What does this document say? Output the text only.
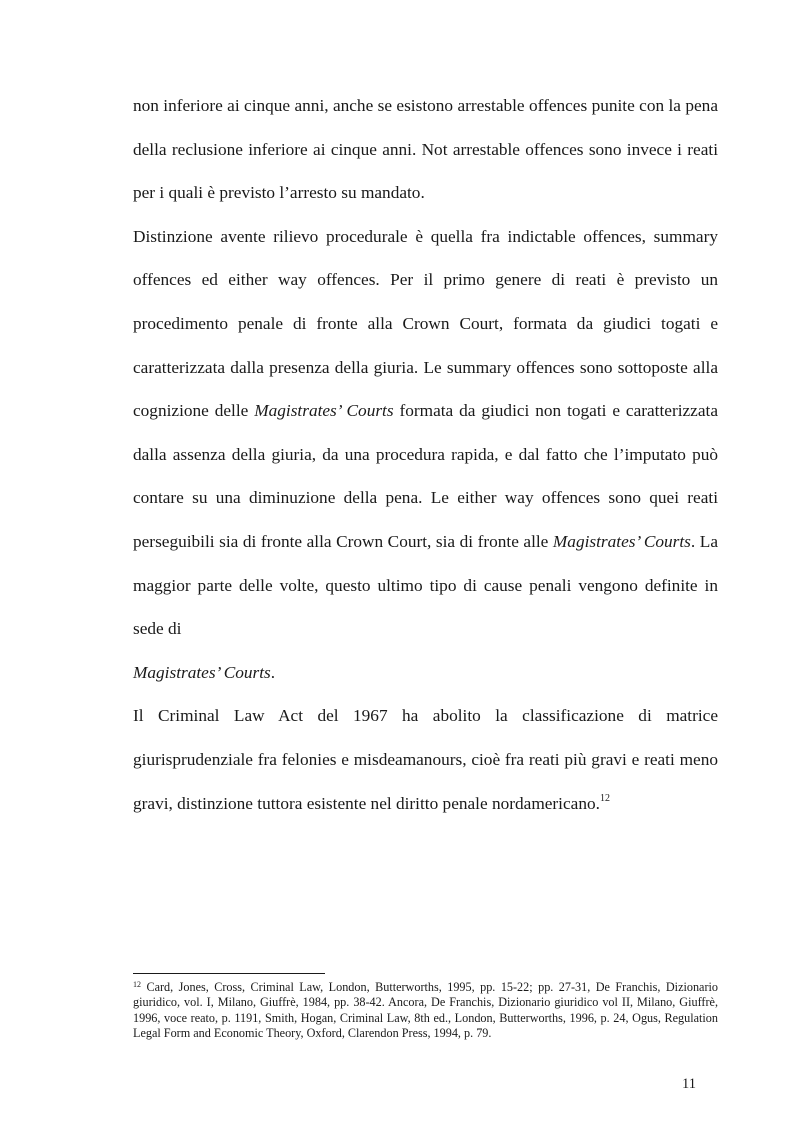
non inferiore ai cinque anni, anche se esistono arrestable offences punite con la pena della reclusione inferiore ai cinque anni. Not arrestable offences sono invece i reati per i quali è previsto l’arresto su mandato.

Distinzione avente rilievo procedurale è quella fra indictable offences, summary offences ed either way offences. Per il primo genere di reati è previsto un procedimento penale di fronte alla Crown Court, formata da giudici togati e caratterizzata dalla presenza della giuria. Le summary offences sono sottoposte alla cognizione delle Magistrates’ Courts formata da giudici non togati e caratterizzata dalla assenza della giuria, da una procedura rapida, e dal fatto che l’imputato può contare su una diminuzione della pena. Le either way offences sono quei reati perseguibili sia di fronte alla Crown Court, sia di fronte alle Magistrates’ Courts. La maggior parte delle volte, questo ultimo tipo di cause penali vengono definite in sede di
Magistrates’ Courts.

Il Criminal Law Act del 1967 ha abolito la classificazione di matrice giurisprudenziale fra felonies e misdeamanours, cioè fra reati più gravi e reati meno gravi, distinzione tuttora esistente nel diritto penale nordamericano.$^{12}$

$^{12}$ Card, Jones, Cross, Criminal Law, London, Butterworths, 1995, pp. 15-22; pp. 27-31, De Franchis, Dizionario giuridico, vol. I, Milano, Giuffrè, 1984, pp. 38-42. Ancora, De Franchis, Dizionario giuridico vol II, Milano, Giuffrè, 1996, voce reato, p. 1191, Smith, Hogan, Criminal Law, 8th ed., London, Butterworths, 1996, p. 24, Ogus, Regulation Legal Form and Economic Theory, Oxford, Clarendon Press, 1994, p. 79.

11
